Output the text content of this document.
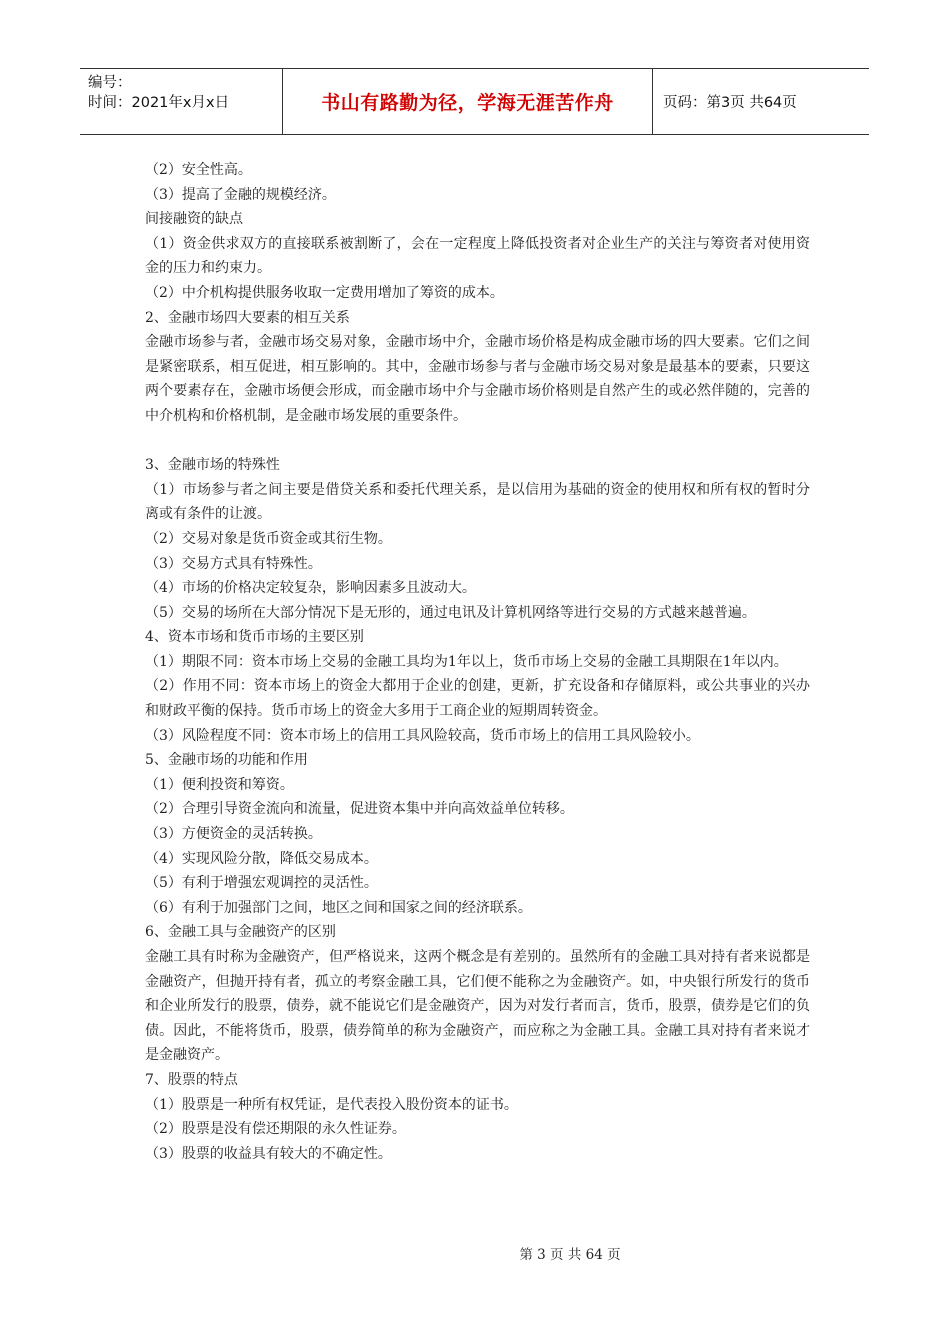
编号：
时间：2021年x月x日	书山有路勤为径，学海无涯苦作舟	页码：第3页 共64页

（2）安全性高。

（3）提高了金融的规模经济。

间接融资的缺点

（1）资金供求双方的直接联系被割断了，会在一定程度上降低投资者对企业生产的关注与筹资者对使用资金的压力和约束力。

（2）中介机构提供服务收取一定费用增加了筹资的成本。

2、金融市场四大要素的相互关系

金融市场参与者，金融市场交易对象，金融市场中介，金融市场价格是构成金融市场的四大要素。它们之间是紧密联系，相互促进，相互影响的。其中，金融市场参与者与金融市场交易对象是最基本的要素，只要这两个要素存在，金融市场便会形成，而金融市场中介与金融市场价格则是自然产生的或必然伴随的，完善的中介机构和价格机制，是金融市场发展的重要条件。

3、金融市场的特殊性

（1）市场参与者之间主要是借贷关系和委托代理关系，是以信用为基础的资金的使用权和所有权的暂时分离或有条件的让渡。

（2）交易对象是货币资金或其衍生物。

（3）交易方式具有特殊性。

（4）市场的价格决定较复杂，影响因素多且波动大。

（5）交易的场所在大部分情况下是无形的，通过电讯及计算机网络等进行交易的方式越来越普遍。

4、资本市场和货币市场的主要区别

（1）期限不同：资本市场上交易的金融工具均为1年以上，货币市场上交易的金融工具期限在1年以内。

（2）作用不同：资本市场上的资金大都用于企业的创建，更新，扩充设备和存储原料，或公共事业的兴办和财政平衡的保持。货币市场上的资金大多用于工商企业的短期周转资金。

（3）风险程度不同：资本市场上的信用工具风险较高，货币市场上的信用工具风险较小。

5、金融市场的功能和作用

（1）便利投资和筹资。

（2）合理引导资金流向和流量，促进资本集中并向高效益单位转移。

（3）方便资金的灵活转换。

（4）实现风险分散，降低交易成本。

（5）有利于增强宏观调控的灵活性。

（6）有利于加强部门之间，地区之间和国家之间的经济联系。

6、金融工具与金融资产的区别

金融工具有时称为金融资产，但严格说来，这两个概念是有差别的。虽然所有的金融工具对持有者来说都是金融资产，但抛开持有者，孤立的考察金融工具，它们便不能称之为金融资产。如，中央银行所发行的货币和企业所发行的股票，债券，就不能说它们是金融资产，因为对发行者而言，货币，股票，债券是它们的负债。因此，不能将货币，股票，债券简单的称为金融资产，而应称之为金融工具。金融工具对持有者来说才是金融资产。

7、股票的特点

（1）股票是一种所有权凭证，是代表投入股份资本的证书。

（2）股票是没有偿还期限的永久性证券。

（3）股票的收益具有较大的不确定性。

第 3 页 共 64 页
